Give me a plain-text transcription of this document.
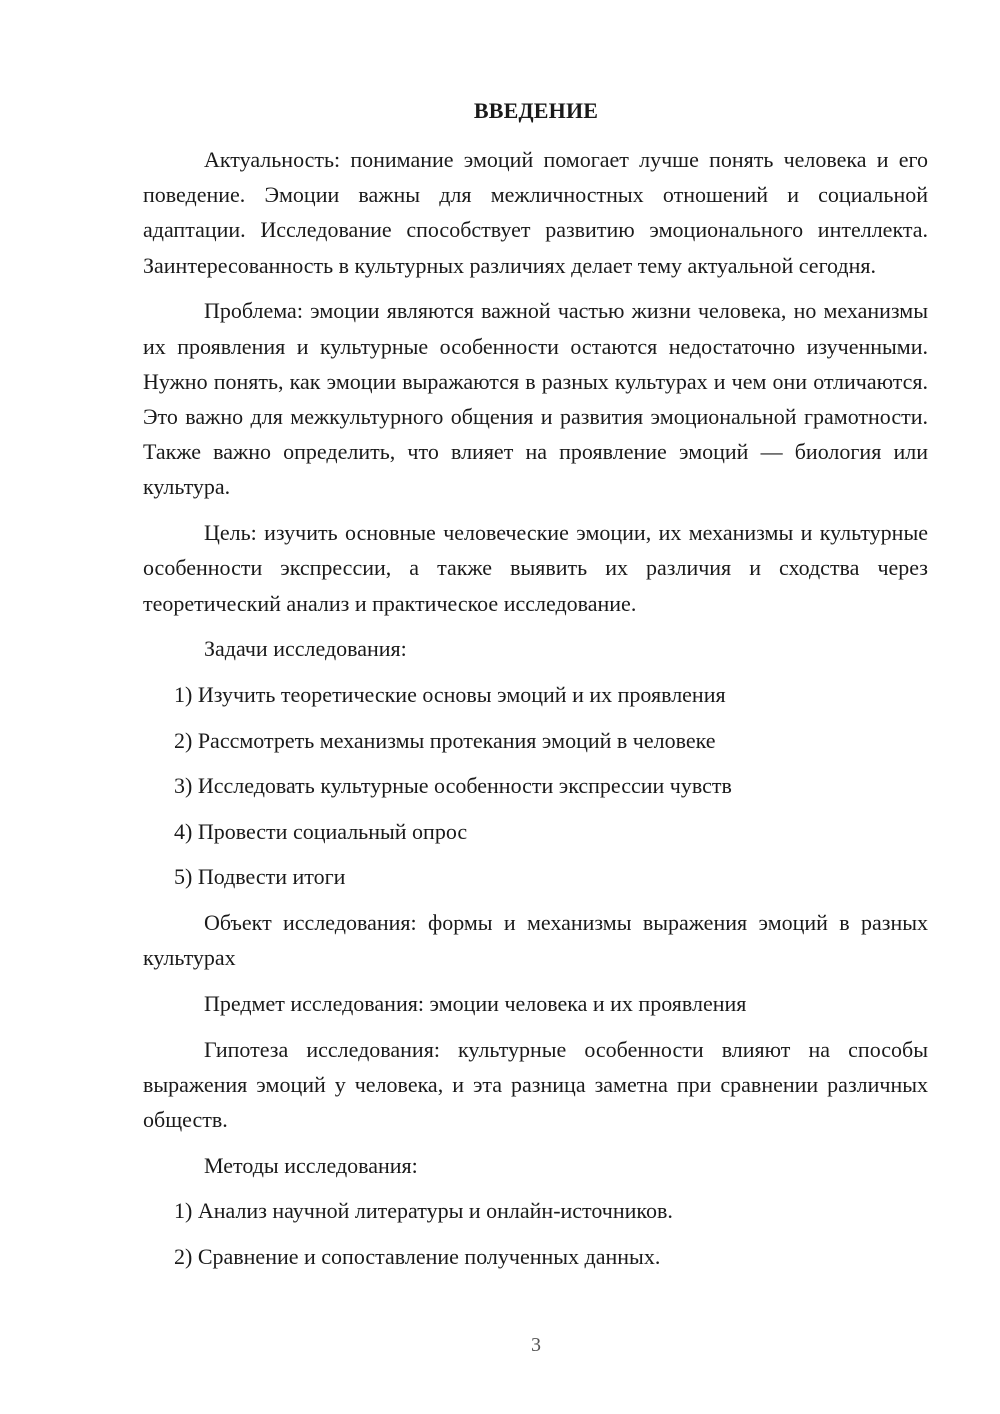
ВВЕДЕНИЕ

Актуальность: понимание эмоций помогает лучше понять человека и его поведение. Эмоции важны для межличностных отношений и социальной адаптации. Исследование способствует развитию эмоционального интеллекта. Заинтересованность в культурных различиях делает тему актуальной сегодня.

Проблема: эмоции являются важной частью жизни человека, но механизмы их проявления и культурные особенности остаются недостаточно изученными. Нужно понять, как эмоции выражаются в разных культурах и чем они отличаются. Это важно для межкультурного общения и развития эмоциональной грамотности. Также важно определить, что влияет на проявление эмоций — биология или культура.

Цель: изучить основные человеческие эмоции, их механизмы и культурные особенности экспрессии, а также выявить их различия и сходства через теоретический анализ и практическое исследование.

Задачи исследования:

1) Изучить теоретические основы эмоций и их проявления

2) Рассмотреть механизмы протекания эмоций в человеке

3) Исследовать культурные особенности экспрессии чувств

4) Провести социальный опрос

5) Подвести итоги

Объект исследования: формы и механизмы выражения эмоций в разных культурах

Предмет исследования: эмоции человека и их проявления

Гипотеза исследования: культурные особенности влияют на способы выражения эмоций у человека, и эта разница заметна при сравнении различных обществ.

Методы исследования:

1) Анализ научной литературы и онлайн-источников.

2) Сравнение и сопоставление полученных данных.

3
